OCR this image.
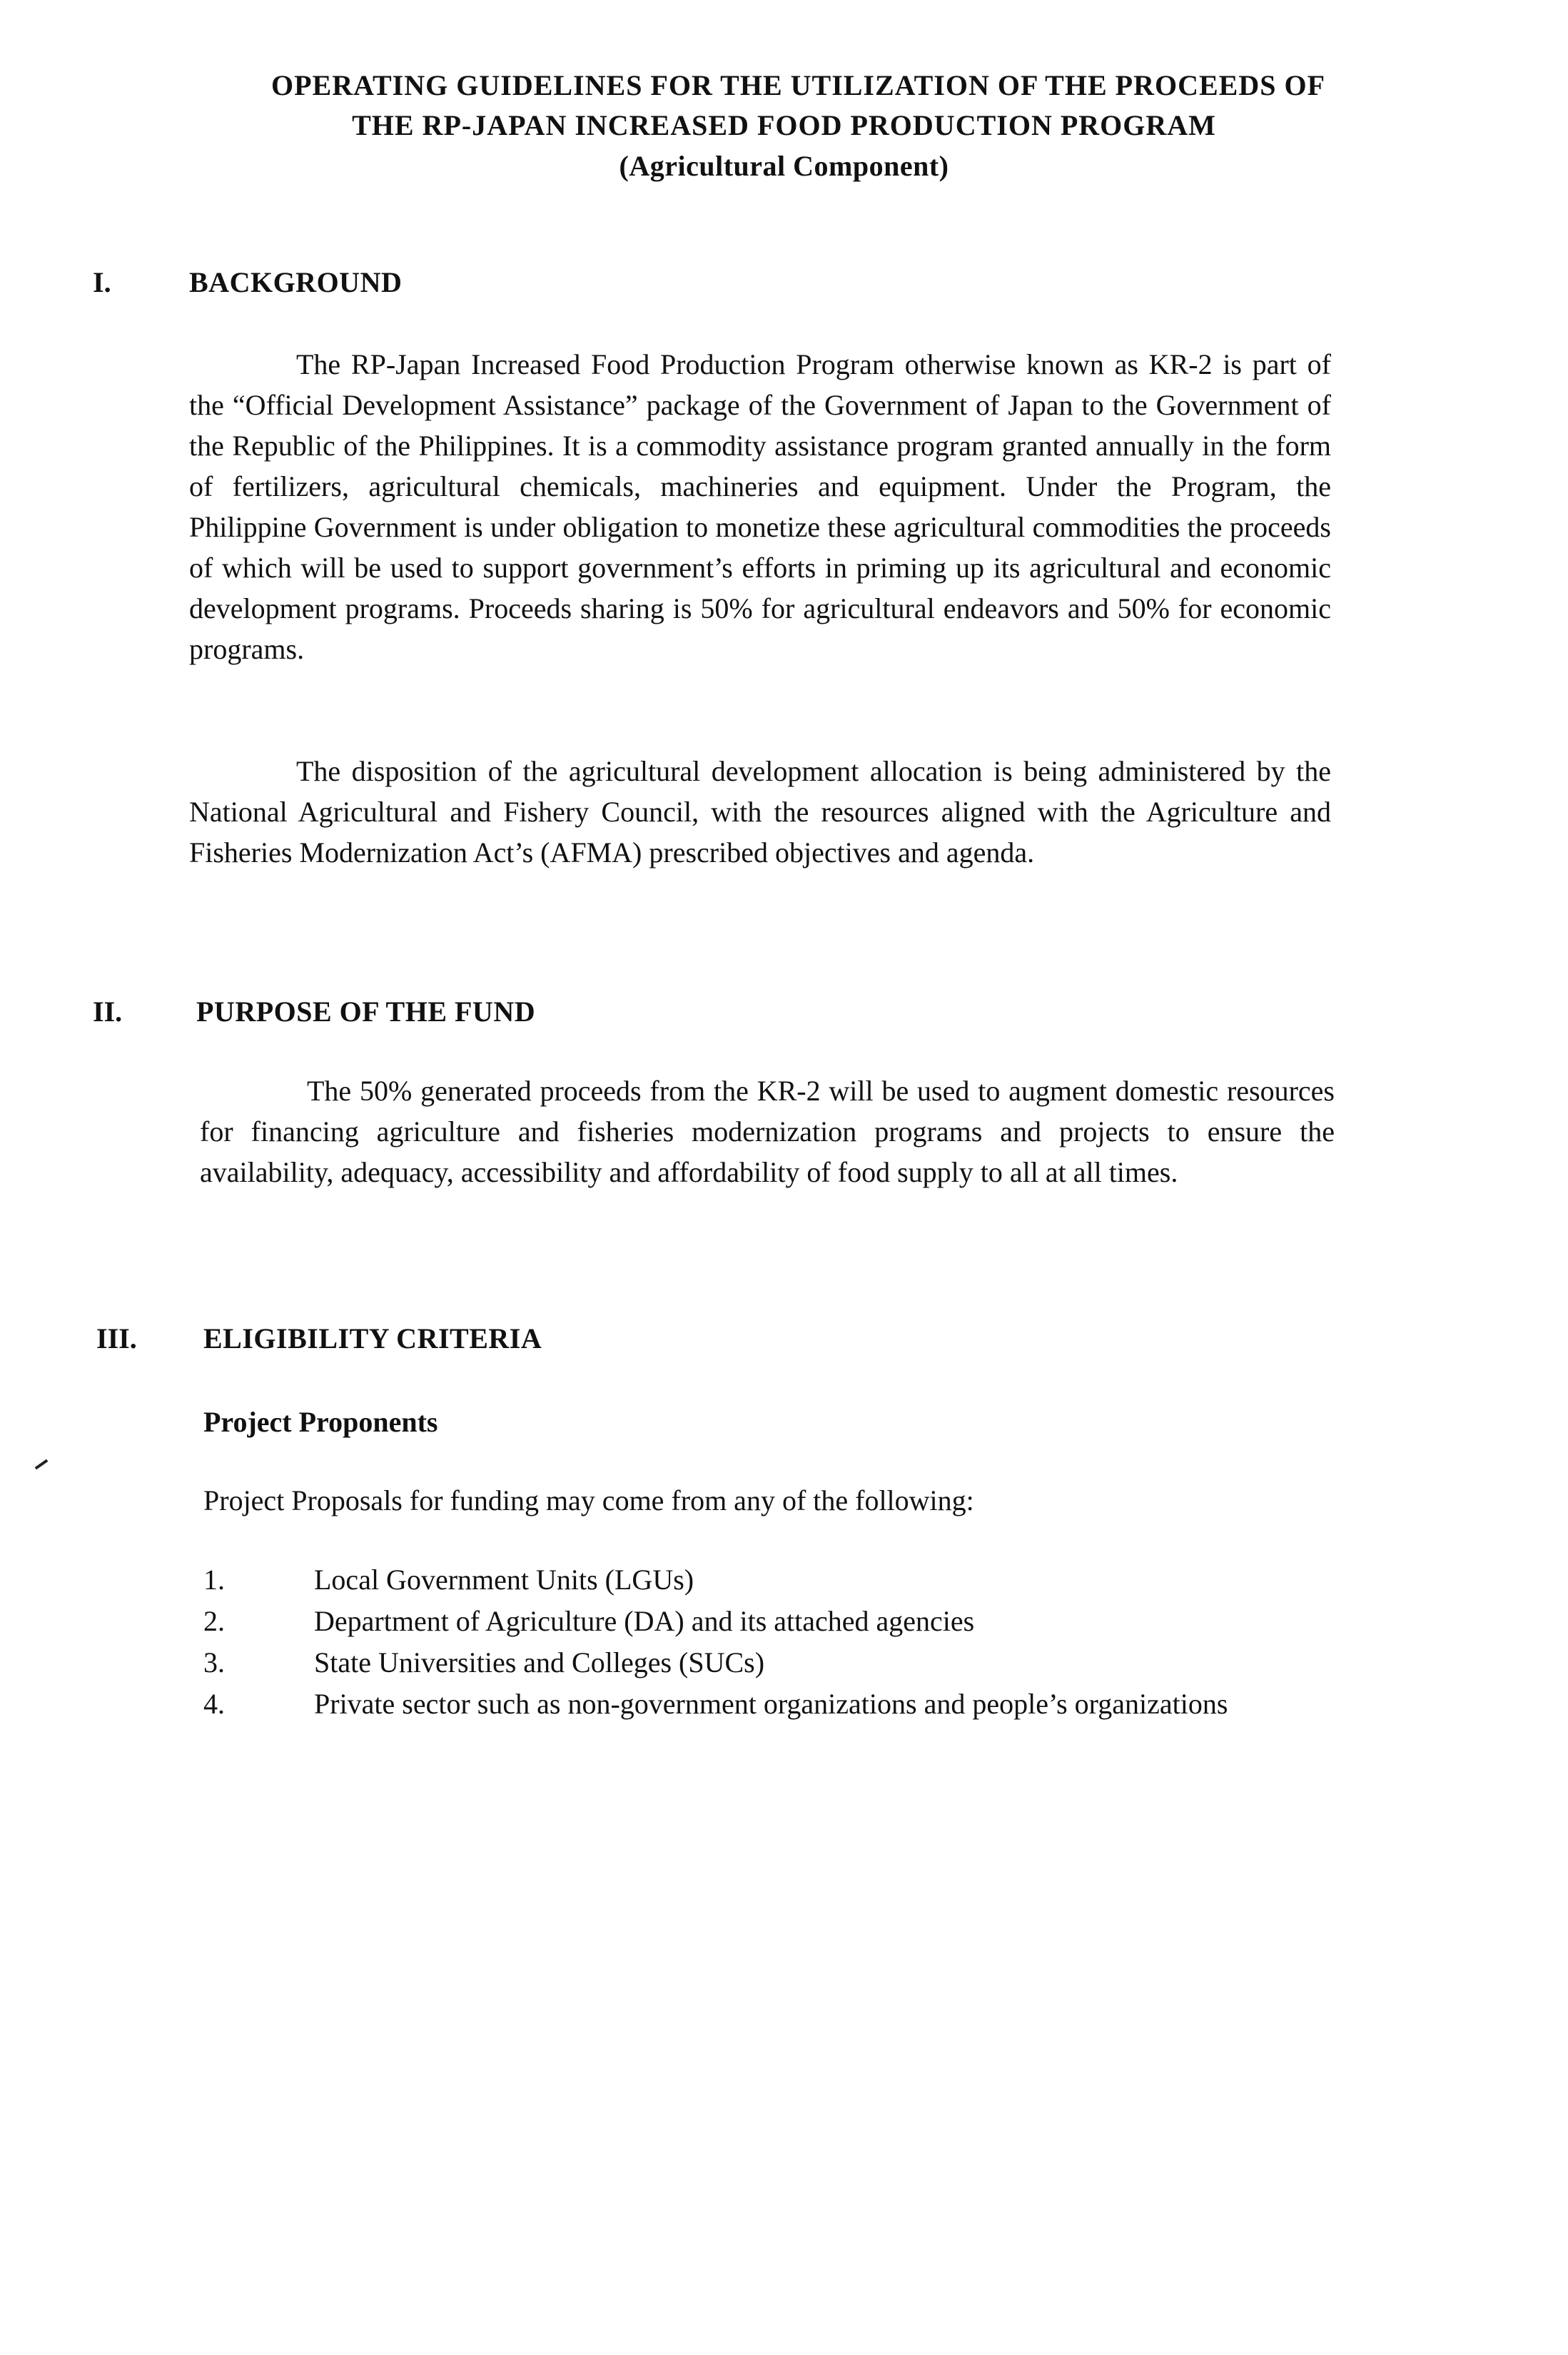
OPERATING GUIDELINES FOR THE UTILIZATION OF THE PROCEEDS OF
THE RP-JAPAN INCREASED FOOD PRODUCTION PROGRAM
(Agricultural Component)
I.	BACKGROUND

The RP-Japan Increased Food Production Program otherwise known as KR-2 is part of the “Official Development Assistance” package of the Government of Japan to the Government of the Republic of the Philippines. It is a commodity assistance program granted annually in the form of fertilizers, agricultural chemicals, machineries and equipment. Under the Program, the Philippine Government is under obligation to monetize these agricultural commodities the proceeds of which will be used to support government’s efforts in priming up its agricultural and economic development programs. Proceeds sharing is 50% for agricultural endeavors and 50% for economic programs.

The disposition of the agricultural development allocation is being administered by the National Agricultural and Fishery Council, with the resources aligned with the Agriculture and Fisheries Modernization Act’s (AFMA) prescribed objectives and agenda.

II.	PURPOSE OF THE FUND

The 50% generated proceeds from the KR-2 will be used to augment domestic resources for financing agriculture and fisheries modernization programs and projects to ensure the availability, adequacy, accessibility and affordability of food supply to all at all times.

III. ELIGIBILITY CRITERIA
Project Proponents
Project Proposals for funding may come from any of the following:
1.	Local Government Units (LGUs)
2.	Department of Agriculture (DA) and its attached agencies
3.	State Universities and Colleges (SUCs)
4.	Private sector such as non-government organizations and people’s organizations
